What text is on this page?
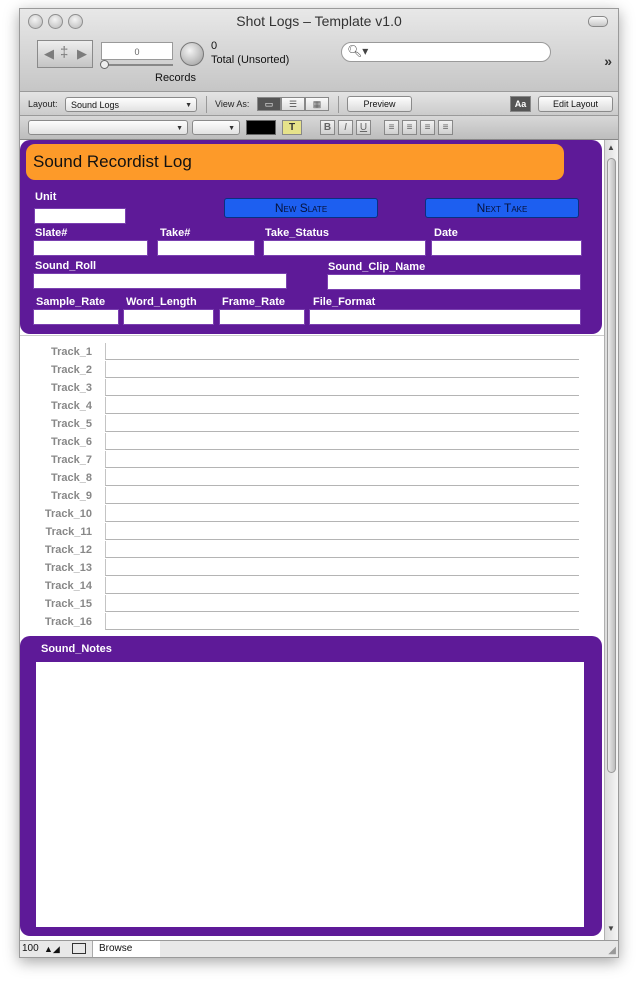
Shot Logs – Template v1.0
◀ ‡ ▶	0	0
Total (Unsorted)
Records
🔍︎▾
»
Layout:	Sound Logs	▼	View As:	▭	☰	▦	Preview	Aa	Edit Layout
▼	▼	T	B	I	U	≡	≡	≡	≡
Sound Recordist Log
Unit
New Slate	Next Take
Slate#	Take#	Take_Status	Date
Sound_Roll	Sound_Clip_Name
Sample_Rate Word_Length Frame_Rate	File_Format
Track_1
Track_2
Track_3
Track_4
Track_5
Track_6
Track_7
Track_8
Track_9
Track_10
Track_11
Track_12
Track_13
Track_14
Track_15
Track_16
Sound_Notes
▲
▼
100 ▲◢	Browse	◢
